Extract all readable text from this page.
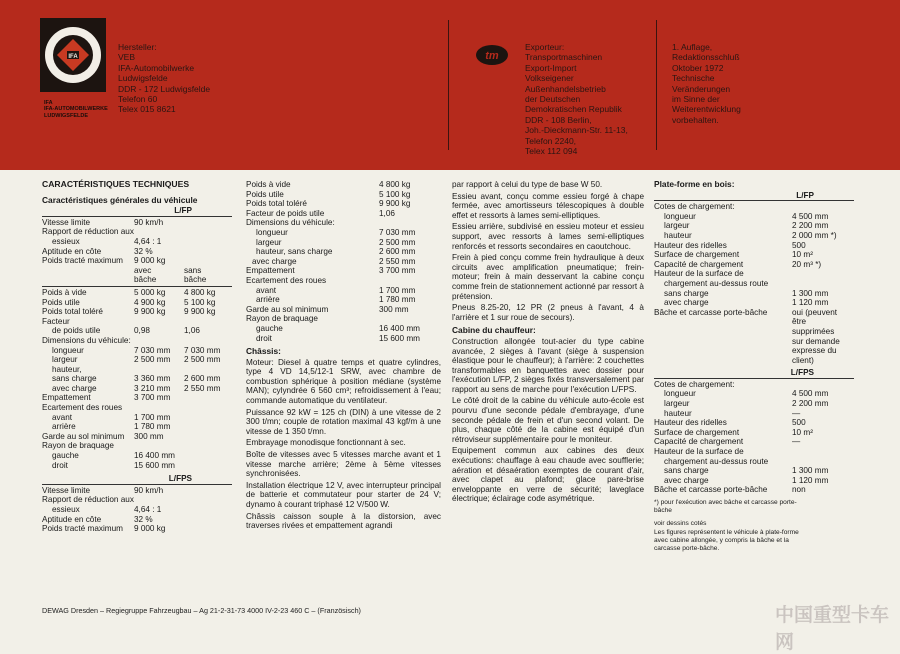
IFA
IFA
IFA-AUTOMOBILWERKE
LUDWIGSFELDE
Hersteller:
VEB
IFA-Automobilwerke
Ludwigsfelde
DDR - 172 Ludwigsfelde
Telefon 60
Telex 015 8621
tm
Exporteur:
Transportmaschinen
Export-Import
Volkseigener
Außenhandelsbetrieb
der Deutschen
Demokratischen Republik
DDR - 108 Berlin,
Joh.-Dieckmann-Str. 11-13,
Telefon 2240,
Telex 112 094
1. Auflage,
Redaktionsschluß
Oktober 1972
Technische
Veränderungen
im Sinne der
Weiterentwicklung
vorbehalten.
CARACTÉRISTIQUES TECHNIQUES
Caractéristiques générales du véhicule
L/FP
Vitesse limite	90 km/h
Rapport de réduction aux
essieux	4,64 : 1
Aptitude en côte	32 %
Poids tracté maximum	9 000 kg
avec
bâche
sans
bâche
Poids à vide	5 000 kg	4 800 kg
Poids utile	4 900 kg	5 100 kg
Poids total toléré	9 900 kg	9 900 kg
Facteur
de poids utile	0,98	1,06
Dimensions du véhicule:
longueur	7 030 mm	7 030 mm
largeur	2 500 mm	2 500 mm
hauteur,
sans charge	3 360 mm	2 600 mm
avec charge	3 210 mm	2 550 mm
Empattement	3 700 mm
Ecartement des roues
avant	1 700 mm
arrière	1 780 mm
Garde au sol minimum	300 mm
Rayon de braquage
gauche	16 400 mm
droit	15 600 mm
L/FPS
Vitesse limite	90 km/h
Rapport de réduction aux
essieux	4,64 : 1
Aptitude en côte	32 %
Poids tracté maximum	9 000 kg
Poids à vide	4 800 kg
Poids utile	5 100 kg
Poids total toléré	9 900 kg
Facteur de poids utile	1,06
Dimensions du véhicule:
longueur	7 030 mm
largeur	2 500 mm
hauteur, sans charge	2 600 mm
avec charge	2 550 mm
Empattement	3 700 mm
Ecartement des roues
avant	1 700 mm
arrière	1 780 mm
Garde au sol minimum	300 mm
Rayon de braquage
gauche	16 400 mm
droit	15 600 mm
Châssis:
Moteur: Diesel à quatre temps et quatre cylindres, type 4 VD 14,5/12-1 SRW, avec chambre de combustion sphérique à position médiane (système MAN); cylyndrée 6 560 cm³; refroidissement à l'eau; commande automatique du ventilateur.
Puissance 92 kW = 125 ch (DIN) à une vitesse de 2 300 t/mn; couple de rotation maximal 43 kgf/m à une vitesse de 1 350 t/mn.
Embrayage monodisque fonctionnant à sec.
Boîte de vitesses avec 5 vitesses marche avant et 1 vitesse marche arrière; 2ème à 5ème vitesses synchronisées.
Installation électrique 12 V, avec interrupteur principal de batterie et commutateur pour starter de 24 V; dynamo à courant triphasé 12 V/500 W.
Châssis caisson souple à la distorsion, avec traverses rivées et empattement agrandi
par rapport à celui du type de base W 50.
Essieu avant, conçu comme essieu forgé à chape fermée, avec amortisseurs télescopiques à double effet et ressorts à lames semi-elliptiques.
Essieu arrière, subdivisé en essieu moteur et essieu support, avec ressorts à lames semi-elliptiques renforcés et ressorts secondaires en caoutchouc.
Frein à pied conçu comme frein hydraulique à deux circuits avec amplification pneumatique; frein-moteur; frein à main desservant la cabine conçu comme frein de stationnement actionné par ressort à prétension.
Pneus 8.25-20, 12 PR (2 pneus à l'avant, 4 à l'arrière et 1 sur roue de secours).
Cabine du chauffeur:
Construction allongée tout-acier du type cabine avancée, 2 sièges à l'avant (siège à suspension élastique pour le chauffeur); à l'arrière: 2 couchettes transformables en banquettes avec dossier pour l'exécution L/FP, 2 sièges fixés transversalement par rapport au sens de marche pour l'exécution L/FPS.
Le côté droit de la cabine du véhicule auto-école est pourvu d'une seconde pédale d'embrayage, d'une seconde pédale de frein et d'un second volant. De plus, chaque côté de la cabine est équipé d'un rétroviseur supplémentaire pour le moniteur.
Equipement commun aux cabines des deux exécutions: chauffage à eau chaude avec soufflerie; aération et désaération exemptes de courant d'air, avec clapet au plafond; glace pare-brise enveloppante en verre de sécurité; laveglace électrique; éclairage code asymétrique.
Plate-forme en bois:
L/FP
Cotes de chargement:
longueur	4 500 mm
largeur	2 200 mm
hauteur	2 000 mm *)
Hauteur des ridelles	500
Surface de chargement	10 m²
Capacité de chargement	20 m³ *)
Hauteur de la surface de
chargement au-dessus route
sans charge	1 300 mm
avec charge	1 120 mm
Bâche et carcasse porte-bâche	oui (peuvent
être
supprimées
sur demande
expresse du
client)
L/FPS
Cotes de chargement:
longueur	4 500 mm
largeur	2 200 mm
hauteur	—
Hauteur des ridelles	500
Surface de chargement	10 m²
Capacité de chargement	—
Hauteur de la surface de
chargement au-dessus route
sans charge	1 300 mm
avec charge	1 120 mm
Bâche et carcasse porte-bâche	non
*) pour l'exécution avec bâche et carcasse porte-
bâche
voir dessins cotés
Les figures représentent le véhicule à plate-forme
avec cabine allongée, y compris la bâche et la
carcasse porte-bâche.
DEWAG Dresden – Regiegruppe Fahrzeugbau – Ag 21-2-31-73 4000 IV-2-23 460 C – (Französisch)	中国重型卡车网
